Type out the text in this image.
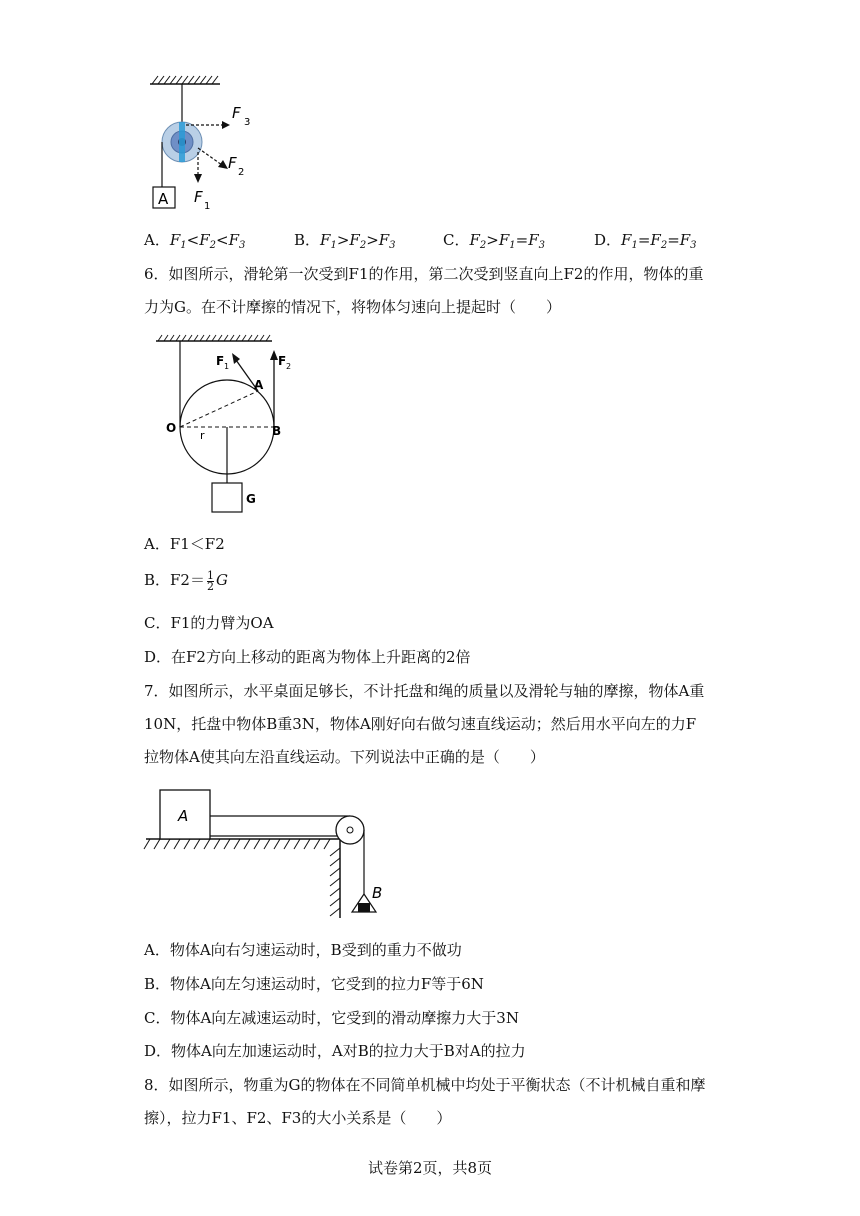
A
F
3
F
2
F
1
A．$F_1<F_2<F_3$	B．$F_1>F_2>F_3$	C．$F_2>F_1=F_3$	D．$F_1=F_2=F_3$
6．如图所示，滑轮第一次受到F1的作用，第二次受到竖直向上F2的作用，物体的重
力为G。在不计摩擦的情况下，将物体匀速向上提起时（　　）
O
A
B
r
G
F 1	F 2
A．F1＜F2
B．$F2= \frac{1}{2}$ G
C．F1的力臂为OA
D．在F2方向上移动的距离为物体上升距离的2倍
7．如图所示，水平桌面足够长，不计托盘和绳的质量以及滑轮与轴的摩擦，物体A重
10N，托盘中物体B重3N，物体A刚好向右做匀速直线运动；然后用水平向左的力F
拉物体A使其向左沿直线运动。下列说法中正确的是（　　）
A
B
A．物体A向右匀速运动时，B受到的重力不做功
B．物体A向左匀速运动时，它受到的拉力F等于6N
C．物体A向左减速运动时，它受到的滑动摩擦力大于3N
D．物体A向左加速运动时，A对B的拉力大于B对A的拉力
8．如图所示，物重为G的物体在不同简单机械中均处于平衡状态（不计机械自重和摩
擦），拉力F1、F2、F3的大小关系是（　　）
试卷第2页，共8页
